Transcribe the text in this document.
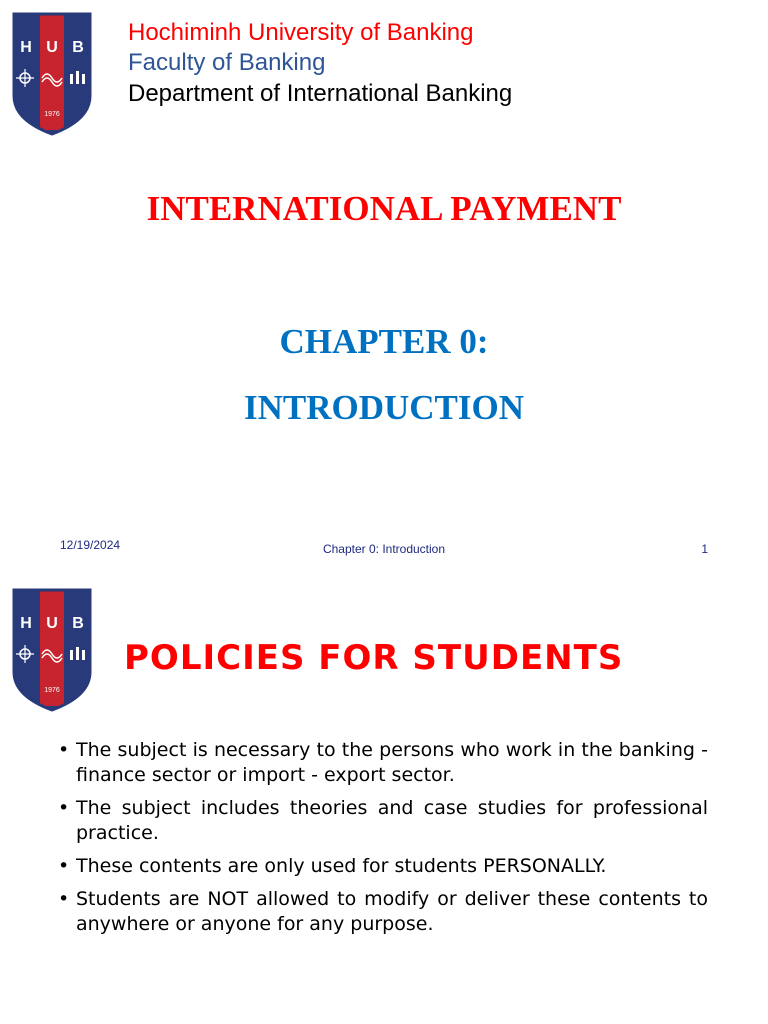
H U B
1976
Hochiminh University of Banking
Faculty of Banking
Department of International Banking
INTERNATIONAL PAYMENT
CHAPTER 0:
INTRODUCTION
12/19/2024	Chapter 0: Introduction	1
H U B
1976
POLICIES FOR STUDENTS
• The subject is necessary to the persons who work in the banking - finance sector or import - export sector.
• The subject includes theories and case studies for professional practice.
• These contents are only used for students PERSONALLY.
• Students are NOT allowed to modify or deliver these contents to anywhere or anyone for any purpose.
